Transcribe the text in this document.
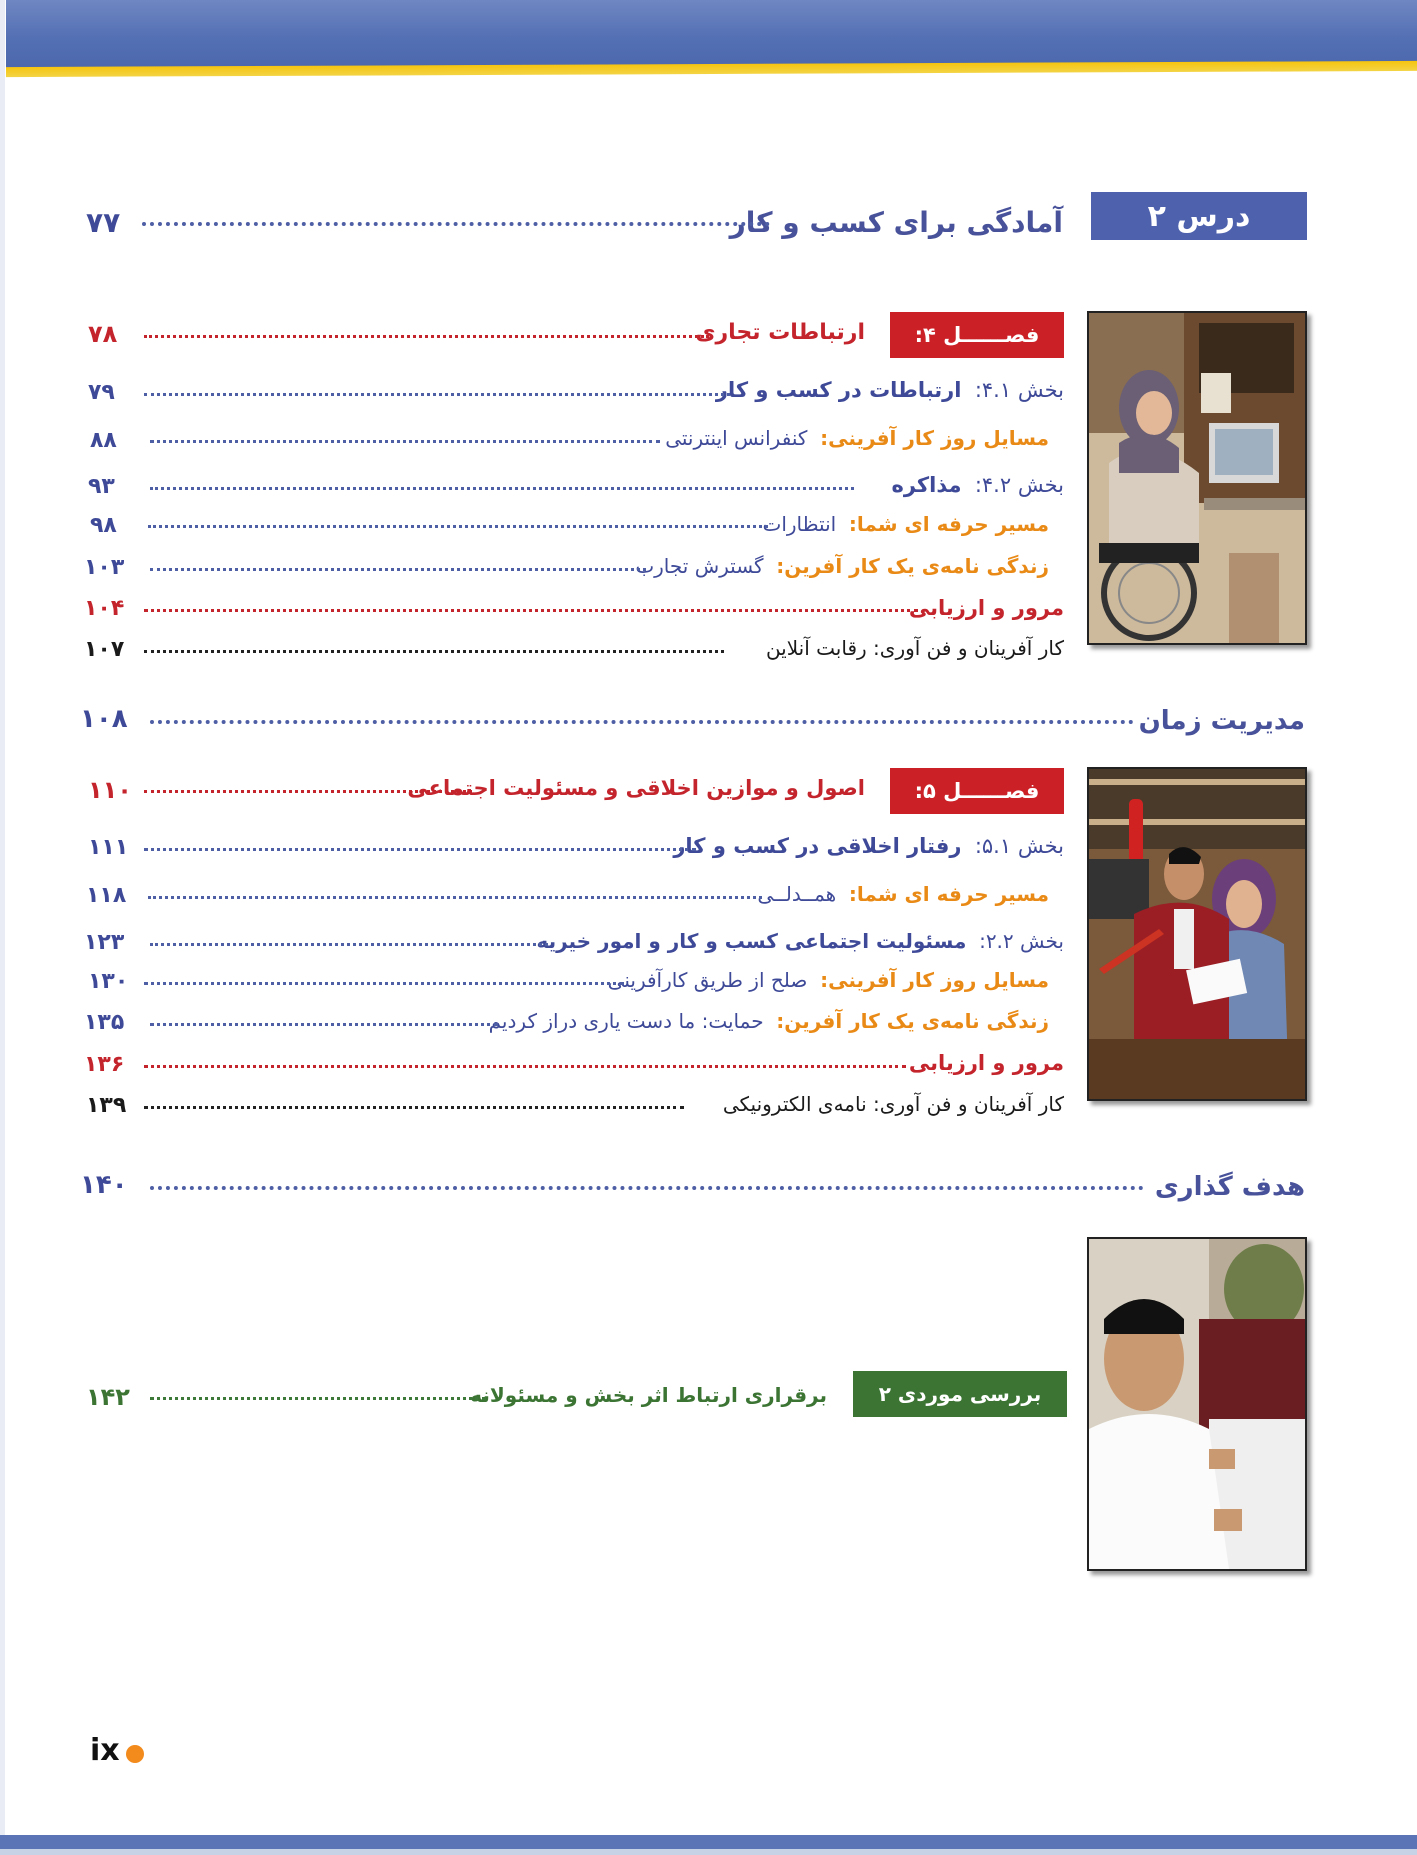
درس ۲
آمادگی برای کسب و کار
۷۷
فصــــــل ۴:
ارتباطات تجاری
۷۸
بخش ۴.۱:  ارتباطات در کسب و کار
۷۹
مسایل روز کار آفرینی:  کنفرانس اینترنتی
۸۸
بخش ۴.۲:  مذاکره
۹۳
مسیر حرفه ای شما:  انتظارات
۹۸
زندگی نامه‌ی یک کار آفرین:  گسترش تجارب
۱۰۳
مرور و ارزیابی
۱۰۴
کار آفرینان و فن آوری: رقابت آنلاین
۱۰۷
مدیریت زمان
۱۰۸
فصــــــل ۵:
اصول و موازین اخلاقی و مسئولیت اجتماعی
۱۱۰
بخش ۵.۱:  رفتار اخلاقی در کسب و کار
۱۱۱
مسیر حرفه ای شما:  همــدلــی
۱۱۸
بخش ۲.۲:  مسئولیت اجتماعی کسب و کار و امور خیریه
۱۲۳
مسایل روز کار آفرینی:  صلح از طریق کارآفرینی
۱۳۰
زندگی نامه‌ی یک کار آفرین:  حمایت: ما دست یاری دراز کردیم
۱۳۵
مرور و ارزیابی
۱۳۶
کار آفرینان و فن آوری: نامه‌ی الکترونیکی
۱۳۹
هدف گذاری
۱۴۰
بررسی موردی ۲
برقراری ارتباط اثر بخش و مسئولانه
۱۴۲
ix
